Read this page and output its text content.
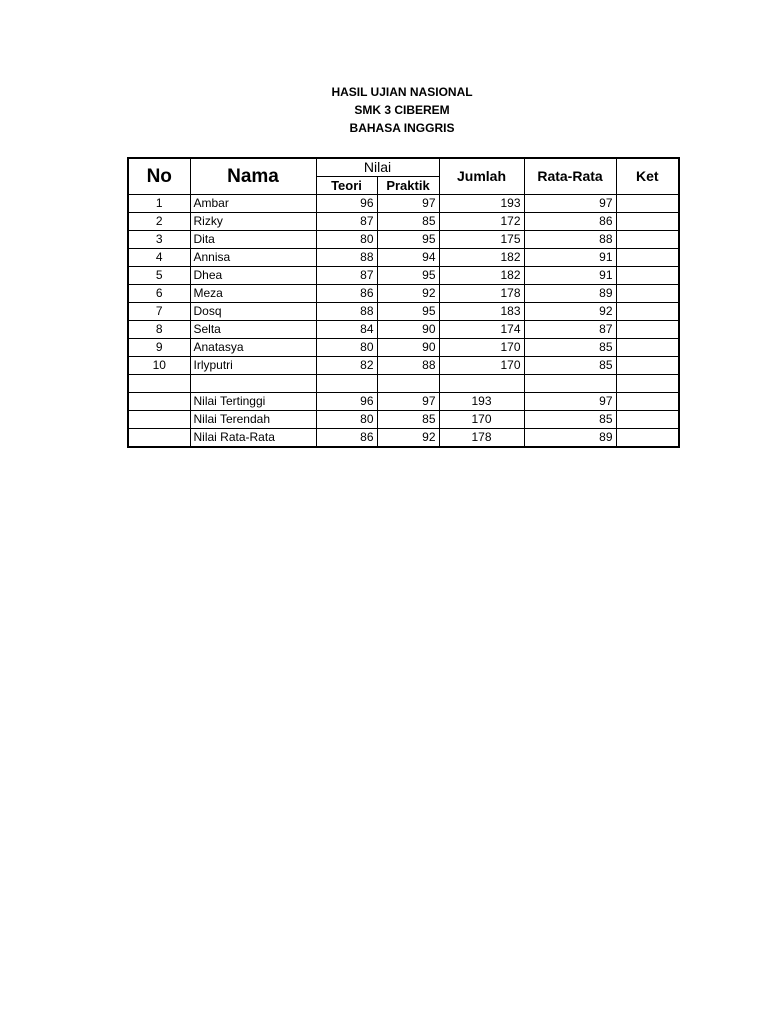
HASIL UJIAN NASIONAL
SMK 3 CIBEREM
BAHASA INGGRIS
No	Nama	Nilai		Jumlah	Rata-Rata	Ket
		Teori	Praktik			
1	Ambar	96	97	193	97	
2	Rizky	87	85	172	86	
3	Dita	80	95	175	88	
4	Annisa	88	94	182	91	
5	Dhea	87	95	182	91	
6	Meza	86	92	178	89	
7	Dosq	88	95	183	92	
8	Selta	84	90	174	87	
9	Anatasya	80	90	170	85	
10	Irlyputri	82	88	170	85	

	Nilai Tertinggi	96	97	193	97	
	Nilai Terendah	80	85	170	85	
	Nilai Rata-Rata	86	92	178	89	
